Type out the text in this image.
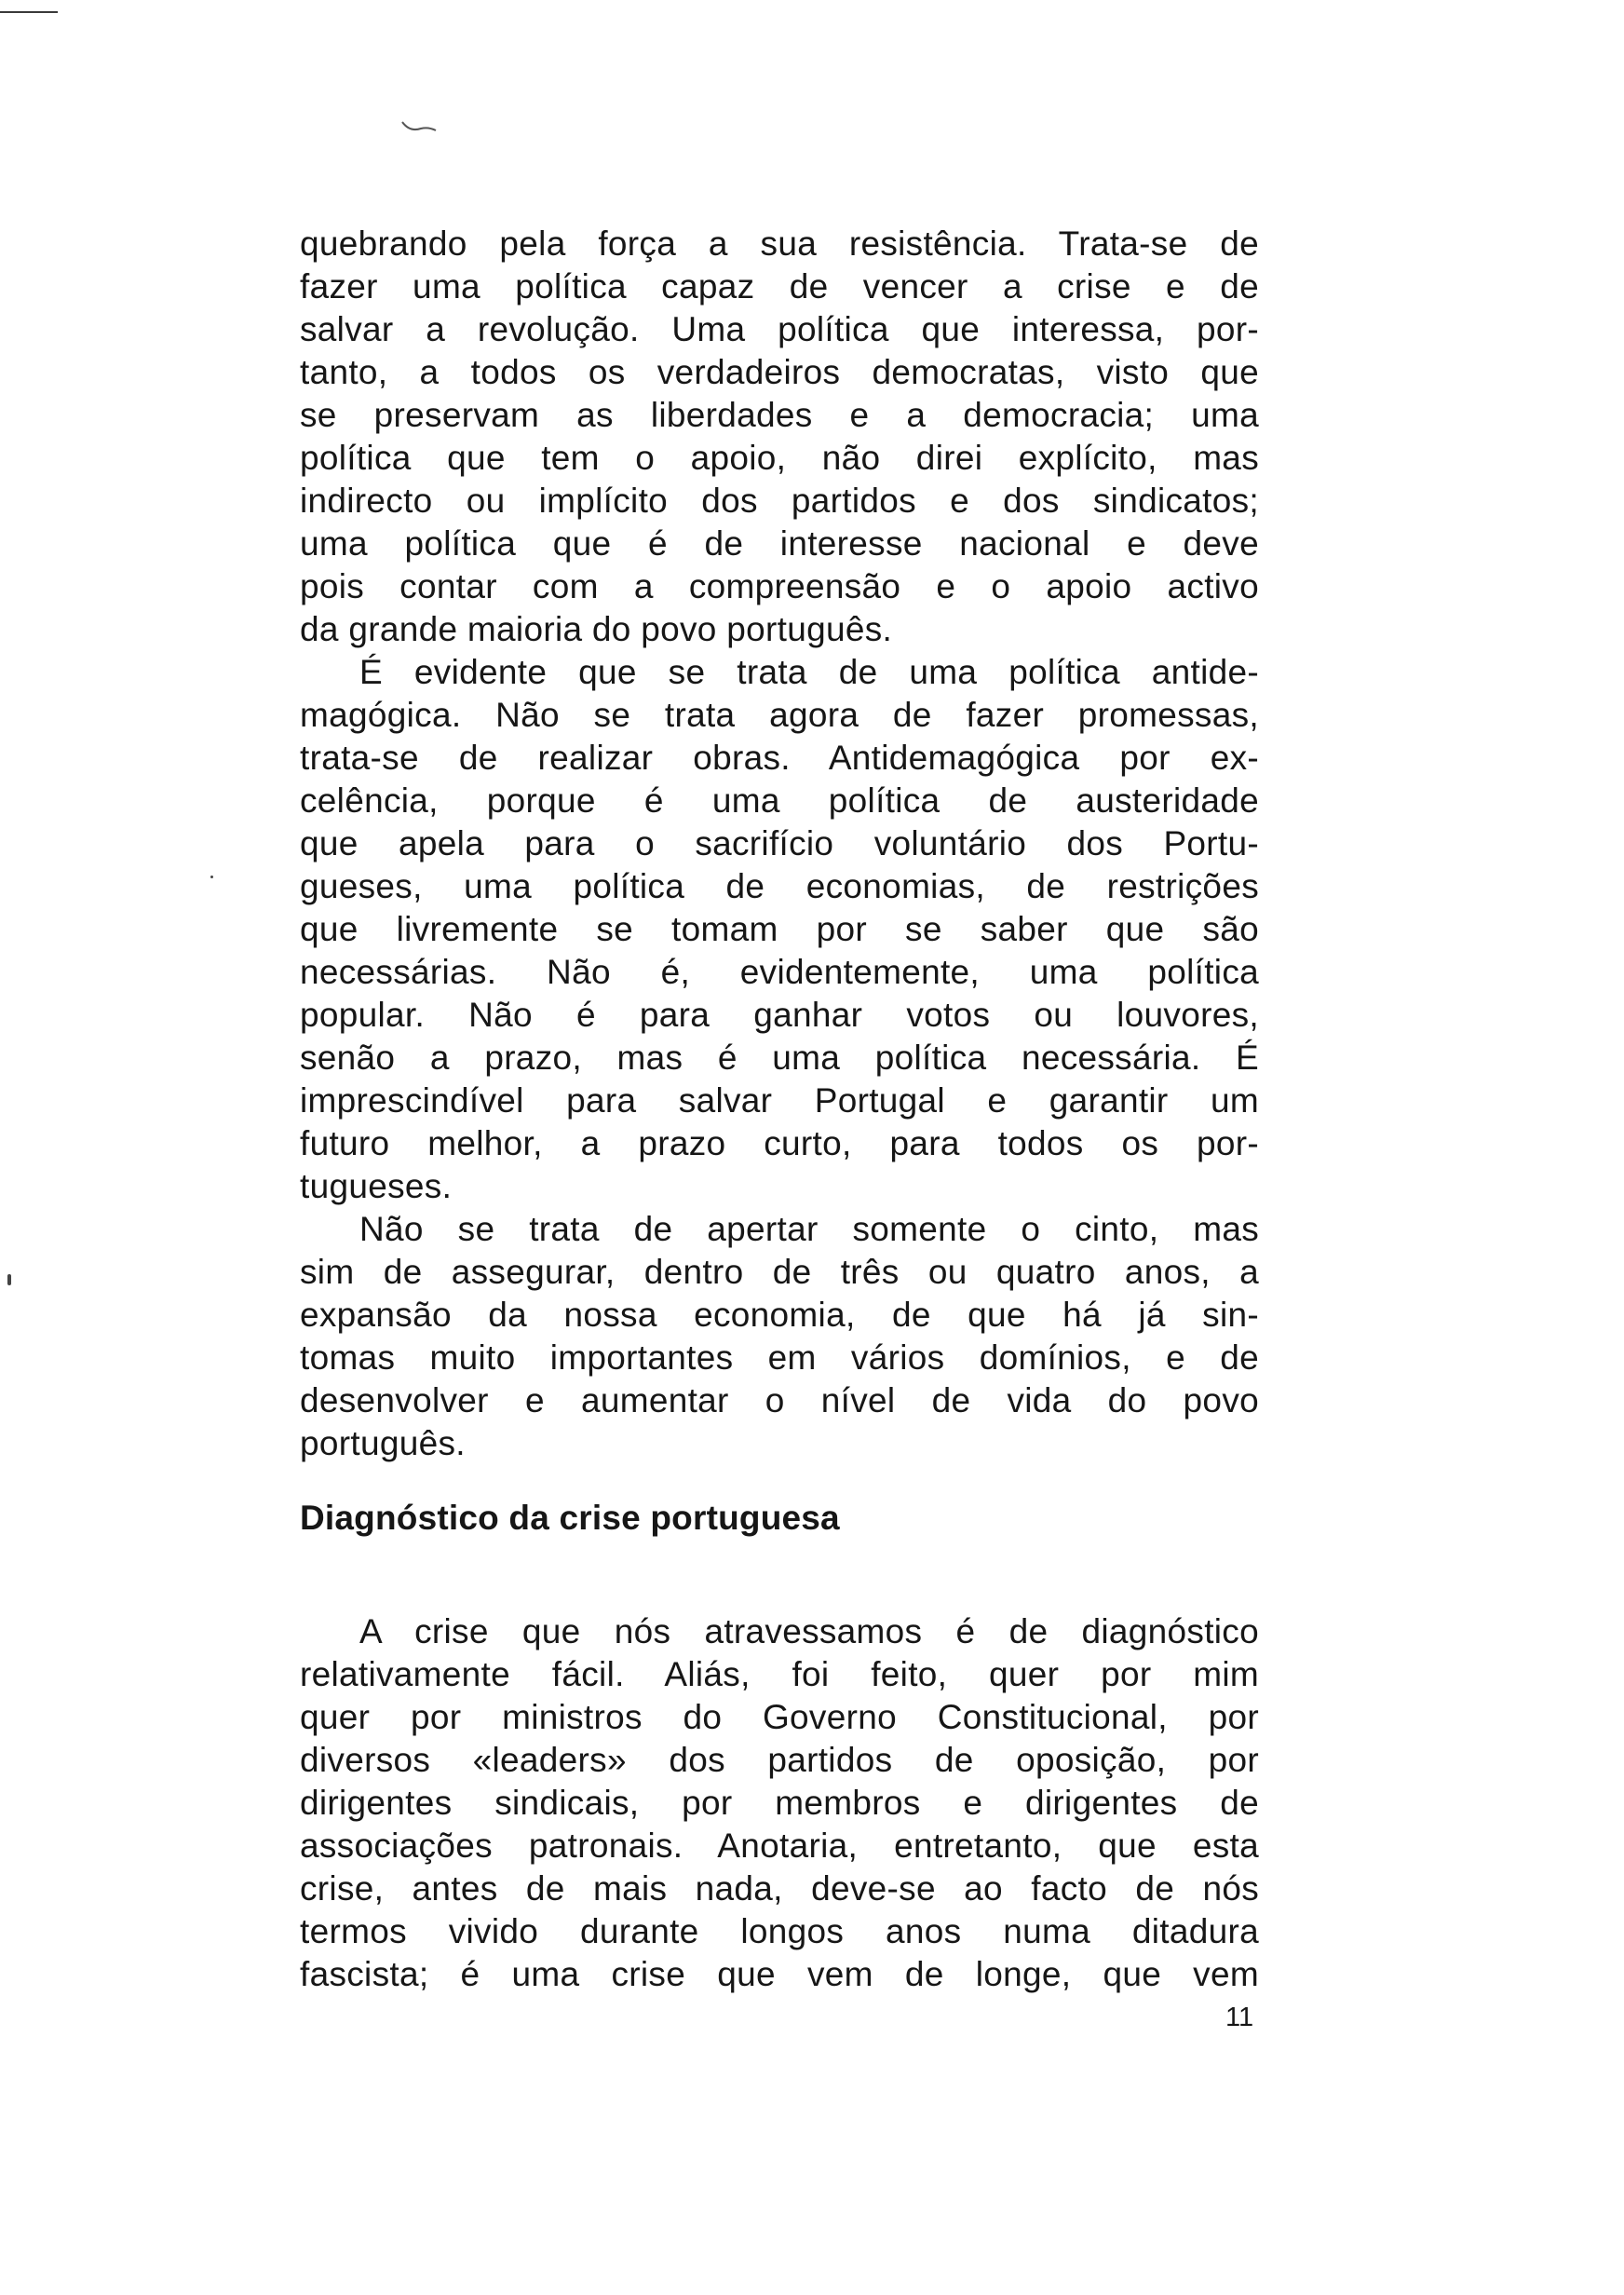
quebrando pela força a sua resistência. Trata-se de
fazer uma política capaz de vencer a crise e de
salvar a revolução. Uma política que interessa, por-
tanto, a todos os verdadeiros democratas, visto que
se preservam as liberdades e a democracia; uma
política que tem o apoio, não direi explícito, mas
indirecto ou implícito dos partidos e dos sindicatos;
uma política que é de interesse nacional e deve
pois contar com a compreensão e o apoio activo
da grande maioria do povo português.
É evidente que se trata de uma política antide-
magógica. Não se trata agora de fazer promessas,
trata-se de realizar obras. Antidemagógica por ex-
celência, porque é uma política de austeridade
que apela para o sacrifício voluntário dos Portu-
gueses, uma política de economias, de restrições
que livremente se tomam por se saber que são
necessárias. Não é, evidentemente, uma política
popular. Não é para ganhar votos ou louvores,
senão a prazo, mas é uma política necessária. É
imprescindível para salvar Portugal e garantir um
futuro melhor, a prazo curto, para todos os por-
tugueses.
Não se trata de apertar somente o cinto, mas
sim de assegurar, dentro de três ou quatro anos, a
expansão da nossa economia, de que há já sin-
tomas muito importantes em vários domínios, e de
desenvolver e aumentar o nível de vida do povo
português.
Diagnóstico da crise portuguesa
A crise que nós atravessamos é de diagnóstico
relativamente fácil. Aliás, foi feito, quer por mim
quer por ministros do Governo Constitucional, por
diversos «leaders» dos partidos de oposição, por
dirigentes sindicais, por membros e dirigentes de
associações patronais. Anotaria, entretanto, que esta
crise, antes de mais nada, deve-se ao facto de nós
termos vivido durante longos anos numa ditadura
fascista; é uma crise que vem de longe, que vem
11
